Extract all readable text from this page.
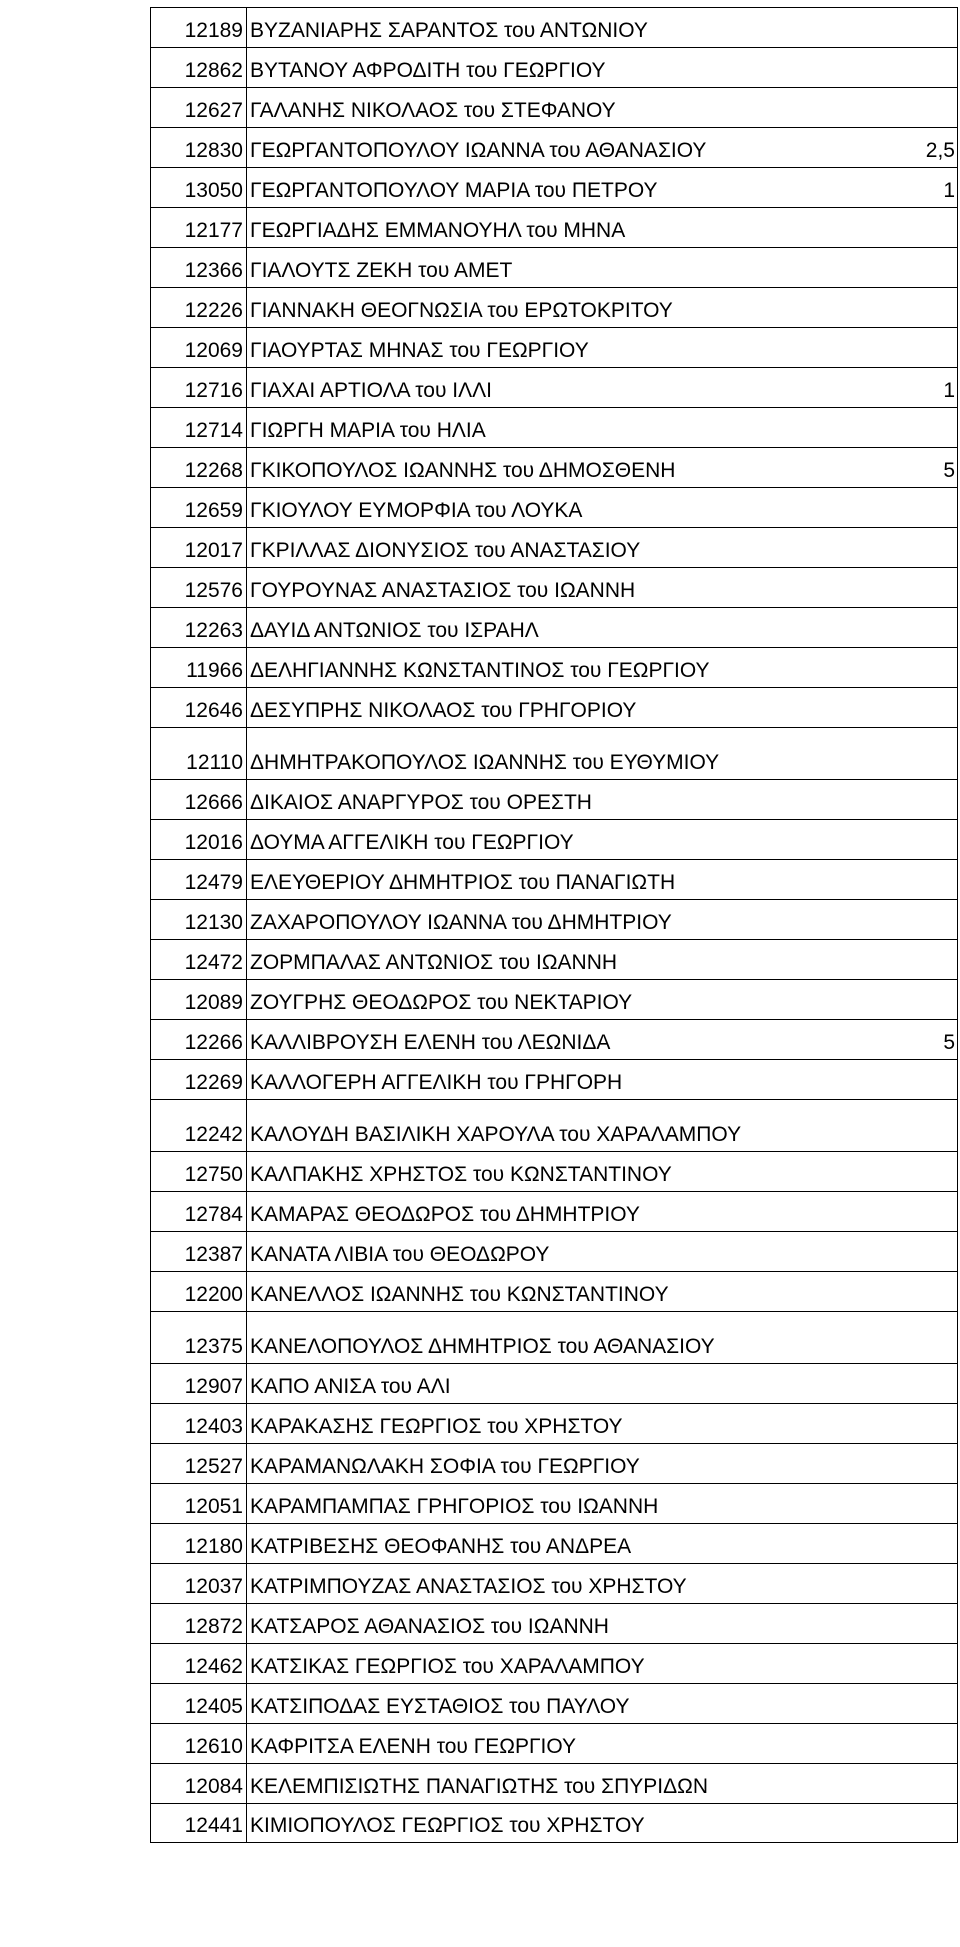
12189 ΒΥΖΑΝΙΑΡΗΣ ΣΑΡΑΝΤΟΣ του ΑΝΤΩΝΙΟΥ
12862 ΒΥΤΑΝΟΥ ΑΦΡΟΔΙΤΗ του ΓΕΩΡΓΙΟΥ
12627 ΓΑΛΑΝΗΣ ΝΙΚΟΛΑΟΣ του ΣΤΕΦΑΝΟΥ
12830 ΓΕΩΡΓΑΝΤΟΠΟΥΛΟΥ ΙΩΑΝΝΑ του ΑΘΑΝΑΣΙΟΥ	2,5
13050 ΓΕΩΡΓΑΝΤΟΠΟΥΛΟΥ ΜΑΡΙΑ του ΠΕΤΡΟΥ	1
12177 ΓΕΩΡΓΙΑΔΗΣ ΕΜΜΑΝΟΥΗΛ του ΜΗΝΑ
12366 ΓΙΑΛΟΥΤΣ ΖΕΚΗ του ΑΜΕΤ
12226 ΓΙΑΝΝΑΚΗ ΘΕΟΓΝΩΣΙΑ του ΕΡΩΤΟΚΡΙΤΟΥ
12069 ΓΙΑΟΥΡΤΑΣ ΜΗΝΑΣ του ΓΕΩΡΓΙΟΥ
12716 ΓΙΑΧΑΙ ΑΡΤΙΟΛΑ του ΙΛΛΙ	1
12714 ΓΙΩΡΓΗ ΜΑΡΙΑ του ΗΛΙΑ
12268 ΓΚΙΚΟΠΟΥΛΟΣ ΙΩΑΝΝΗΣ του ΔΗΜΟΣΘΕΝΗ	5
12659 ΓΚΙΟΥΛΟΥ ΕΥΜΟΡΦΙΑ του ΛΟΥΚΑ
12017 ΓΚΡΙΛΛΑΣ ΔΙΟΝΥΣΙΟΣ του ΑΝΑΣΤΑΣΙΟΥ
12576 ΓΟΥΡΟΥΝΑΣ ΑΝΑΣΤΑΣΙΟΣ του ΙΩΑΝΝΗ
12263 ΔΑΥΙΔ ΑΝΤΩΝΙΟΣ του ΙΣΡΑΗΛ
11966 ΔΕΛΗΓΙΑΝΝΗΣ ΚΩΝΣΤΑΝΤΙΝΟΣ του ΓΕΩΡΓΙΟΥ
12646 ΔΕΣΥΠΡΗΣ ΝΙΚΟΛΑΟΣ του ΓΡΗΓΟΡΙΟΥ
12110 ΔΗΜΗΤΡΑΚΟΠΟΥΛΟΣ ΙΩΑΝΝΗΣ του ΕΥΘΥΜΙΟΥ
12666 ΔΙΚΑΙΟΣ ΑΝΑΡΓΥΡΟΣ του ΟΡΕΣΤΗ
12016 ΔΟΥΜΑ ΑΓΓΕΛΙΚΗ του ΓΕΩΡΓΙΟΥ
12479 ΕΛΕΥΘΕΡΙΟΥ ΔΗΜΗΤΡΙΟΣ του ΠΑΝΑΓΙΩΤΗ
12130 ΖΑΧΑΡΟΠΟΥΛΟΥ ΙΩΑΝΝΑ του ΔΗΜΗΤΡΙΟΥ
12472 ΖΟΡΜΠΑΛΑΣ ΑΝΤΩΝΙΟΣ του ΙΩΑΝΝΗ
12089 ΖΟΥΓΡΗΣ ΘΕΟΔΩΡΟΣ του ΝΕΚΤΑΡΙΟΥ
12266 ΚΑΛΛΙΒΡΟΥΣΗ ΕΛΕΝΗ του ΛΕΩΝΙΔΑ	5
12269 ΚΑΛΛΟΓΕΡΗ ΑΓΓΕΛΙΚΗ του ΓΡΗΓΟΡΗ
12242 ΚΑΛΟΥΔΗ ΒΑΣΙΛΙΚΗ ΧΑΡΟΥΛΑ του ΧΑΡΑΛΑΜΠΟΥ
12750 ΚΑΛΠΑΚΗΣ ΧΡΗΣΤΟΣ του ΚΩΝΣΤΑΝΤΙΝΟΥ
12784 ΚΑΜΑΡΑΣ ΘΕΟΔΩΡΟΣ του ΔΗΜΗΤΡΙΟΥ
12387 ΚΑΝΑΤΑ ΛΙΒΙΑ του ΘΕΟΔΩΡΟΥ
12200 ΚΑΝΕΛΛΟΣ ΙΩΑΝΝΗΣ του ΚΩΝΣΤΑΝΤΙΝΟΥ
12375 ΚΑΝΕΛΟΠΟΥΛΟΣ ΔΗΜΗΤΡΙΟΣ του ΑΘΑΝΑΣΙΟΥ
12907 ΚΑΠΟ ΑΝΙΣΑ του ΑΛΙ
12403 ΚΑΡΑΚΑΣΗΣ ΓΕΩΡΓΙΟΣ του ΧΡΗΣΤΟΥ
12527 ΚΑΡΑΜΑΝΩΛΑΚΗ ΣΟΦΙΑ του ΓΕΩΡΓΙΟΥ
12051 ΚΑΡΑΜΠΑΜΠΑΣ ΓΡΗΓΟΡΙΟΣ του ΙΩΑΝΝΗ
12180 ΚΑΤΡΙΒΕΣΗΣ ΘΕΟΦΑΝΗΣ του ΑΝΔΡΕΑ
12037 ΚΑΤΡΙΜΠΟΥΖΑΣ ΑΝΑΣΤΑΣΙΟΣ του ΧΡΗΣΤΟΥ
12872 ΚΑΤΣΑΡΟΣ ΑΘΑΝΑΣΙΟΣ του ΙΩΑΝΝΗ
12462 ΚΑΤΣΙΚΑΣ ΓΕΩΡΓΙΟΣ του ΧΑΡΑΛΑΜΠΟΥ
12405 ΚΑΤΣΙΠΟΔΑΣ ΕΥΣΤΑΘΙΟΣ του ΠΑΥΛΟΥ
12610 ΚΑΦΡΙΤΣΑ ΕΛΕΝΗ του ΓΕΩΡΓΙΟΥ
12084 ΚΕΛΕΜΠΙΣΙΩΤΗΣ ΠΑΝΑΓΙΩΤΗΣ του ΣΠΥΡΙΔΩΝ
12441 ΚΙΜΙΟΠΟΥΛΟΣ ΓΕΩΡΓΙΟΣ του ΧΡΗΣΤΟΥ
